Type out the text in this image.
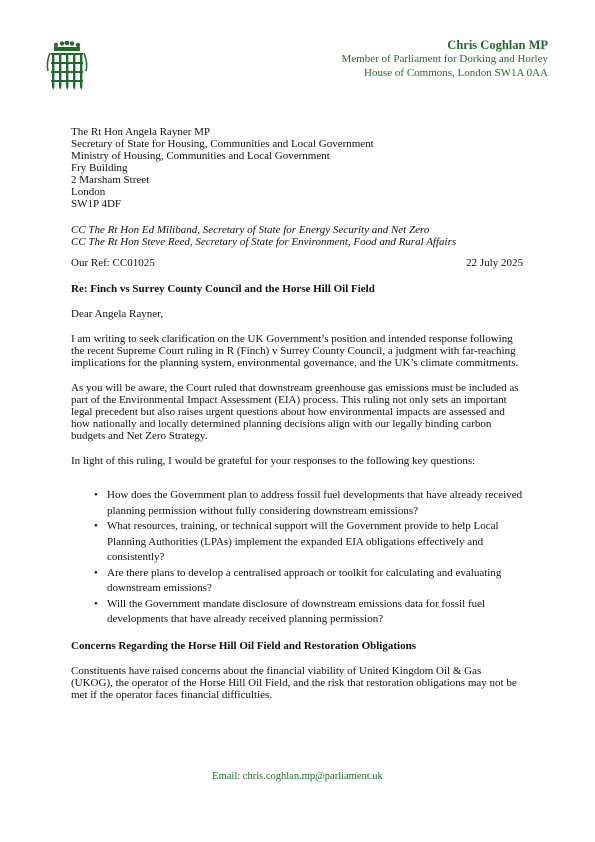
Chris Coghlan MP
Member of Parliament for Dorking and Horley
House of Commons, London SW1A 0AA
The Rt Hon Angela Rayner MP
Secretary of State for Housing, Communities and Local Government
Ministry of Housing, Communities and Local Government
Fry Building
2 Marsham Street
London
SW1P 4DF
CC The Rt Hon Ed Miliband, Secretary of State for Energy Security and Net Zero
CC The Rt Hon Steve Reed, Secretary of State for Environment, Food and Rural Affairs
Our Ref: CC01025	22 July 2025
Re: Finch vs Surrey County Council and the Horse Hill Oil Field
Dear Angela Rayner,
I am writing to seek clarification on the UK Government’s position and intended response following the recent Supreme Court ruling in R (Finch) v Surrey County Council, a judgment with far-reaching implications for the planning system, environmental governance, and the UK’s climate commitments.
As you will be aware, the Court ruled that downstream greenhouse gas emissions must be included as part of the Environmental Impact Assessment (EIA) process. This ruling not only sets an important legal precedent but also raises urgent questions about how environmental impacts are assessed and how nationally and locally determined planning decisions align with our legally binding carbon budgets and Net Zero Strategy.
In light of this ruling, I would be grateful for your responses to the following key questions:
• How does the Government plan to address fossil fuel developments that have already received planning permission without fully considering downstream emissions?
• What resources, training, or technical support will the Government provide to help Local Planning Authorities (LPAs) implement the expanded EIA obligations effectively and consistently?
• Are there plans to develop a centralised approach or toolkit for calculating and evaluating downstream emissions?
• Will the Government mandate disclosure of downstream emissions data for fossil fuel developments that have already received planning permission?
Concerns Regarding the Horse Hill Oil Field and Restoration Obligations
Constituents have raised concerns about the financial viability of United Kingdom Oil & Gas (UKOG), the operator of the Horse Hill Oil Field, and the risk that restoration obligations may not be met if the operator faces financial difficulties.
Email: chris.coghlan.mp@parliament.uk
